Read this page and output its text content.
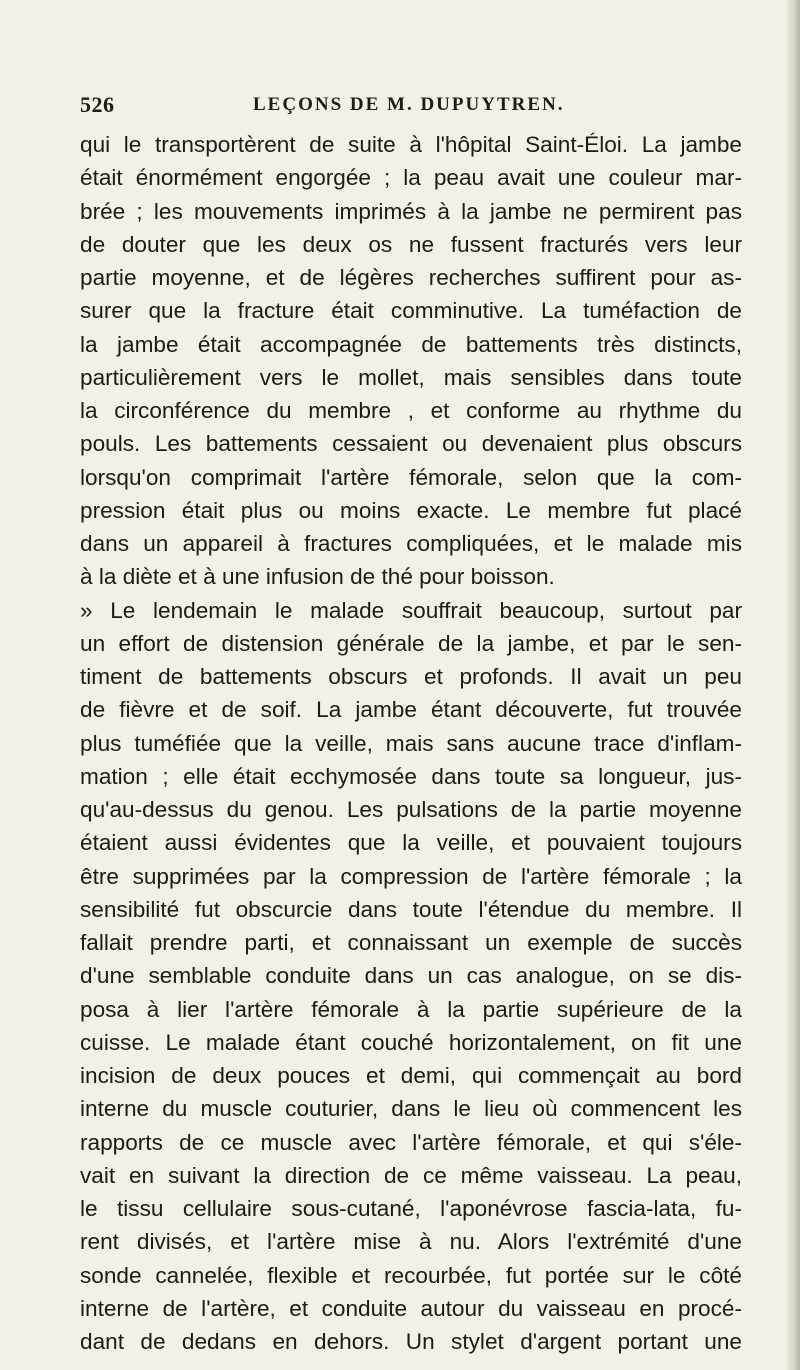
526	LEÇONS DE M. DUPUYTREN.
qui le transportèrent de suite à l'hôpital Saint-Éloi. La jambe
était énormément engorgée ; la peau avait une couleur mar-
brée ; les mouvements imprimés à la jambe ne permirent pas
de douter que les deux os ne fussent fracturés vers leur
partie moyenne, et de légères recherches suffirent pour as-
surer que la fracture était comminutive. La tuméfaction de
la jambe était accompagnée de battements très distincts,
particulièrement vers le mollet, mais sensibles dans toute
la circonférence du membre , et conforme au rhythme du
pouls. Les battements cessaient ou devenaient plus obscurs
lorsqu'on comprimait l'artère fémorale, selon que la com-
pression était plus ou moins exacte. Le membre fut placé
dans un appareil à fractures compliquées, et le malade mis
à la diète et à une infusion de thé pour boisson.
» Le lendemain le malade souffrait beaucoup, surtout par
un effort de distension générale de la jambe, et par le sen-
timent de battements obscurs et profonds. Il avait un peu
de fièvre et de soif. La jambe étant découverte, fut trouvée
plus tuméfiée que la veille, mais sans aucune trace d'inflam-
mation ; elle était ecchymosée dans toute sa longueur, jus-
qu'au-dessus du genou. Les pulsations de la partie moyenne
étaient aussi évidentes que la veille, et pouvaient toujours
être supprimées par la compression de l'artère fémorale ; la
sensibilité fut obscurcie dans toute l'étendue du membre. Il
fallait prendre parti, et connaissant un exemple de succès
d'une semblable conduite dans un cas analogue, on se dis-
posa à lier l'artère fémorale à la partie supérieure de la
cuisse. Le malade étant couché horizontalement, on fit une
incision de deux pouces et demi, qui commençait au bord
interne du muscle couturier, dans le lieu où commencent les
rapports de ce muscle avec l'artère fémorale, et qui s'éle-
vait en suivant la direction de ce même vaisseau. La peau,
le tissu cellulaire sous-cutané, l'aponévrose fascia-lata, fu-
rent divisés, et l'artère mise à nu. Alors l'extrémité d'une
sonde cannelée, flexible et recourbée, fut portée sur le côté
interne de l'artère, et conduite autour du vaisseau en procé-
dant de dedans en dehors. Un stylet d'argent portant une
